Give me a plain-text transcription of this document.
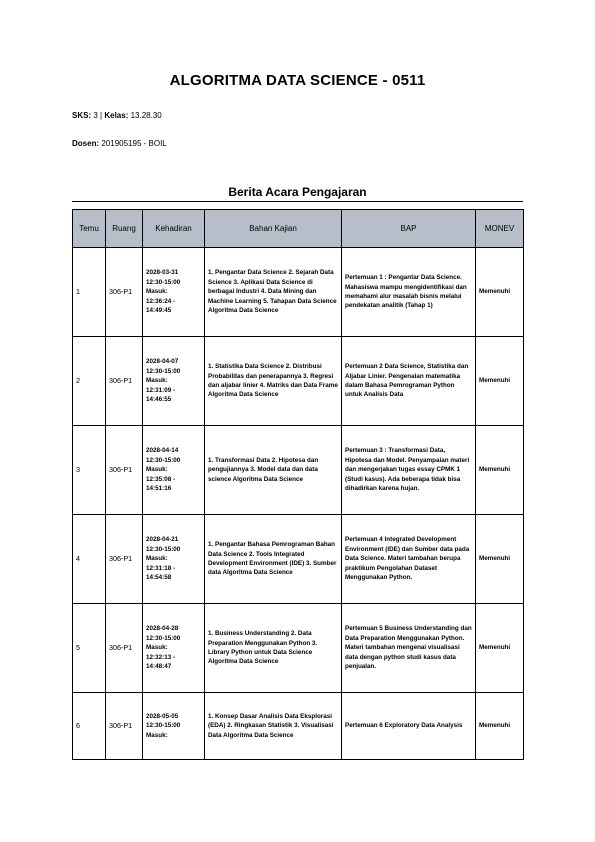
ALGORITMA DATA SCIENCE - 0511
SKS: 3 | Kelas: 13.28.30
Dosen: 201905195 - BOIL
Berita Acara Pengajaran
Temu	Ruang	Kehadiran	Bahan Kajian	BAP	MONEV
1	306-P1	2028-03-31
12:30-15:00
Masuk:
12:36:24 -
14:49:45	1. Pengantar Data Science 2. Sejarah Data Science 3. Aplikasi Data Science di berbagai Industri 4. Data Mining dan Machine Learning 5. Tahapan Data Science Algoritma Data Science	Pertemuan 1 : Pengantar Data Science. Mahasiswa mampu mengidentifikasi dan memahami alur masalah bisnis melalui pendekatan analitik (Tahap 1)	Memenuhi
2	306-P1	2028-04-07
12:30-15:00
Masuk:
12:31:09 -
14:46:55	1. Statistika Data Science 2. Distribusi Probabilitas dan penerapannya 3. Regresi dan aljabar linier 4. Matriks dan Data Frame Algoritma Data Science	Pertemuan 2 Data Science, Statistika dan Aljabar Linier. Pengenalan matematika dalam Bahasa Pemrograman Python untuk Analisis Data	Memenuhi
3	306-P1	2028-04-14
12:30-15:00
Masuk:
12:35:08 -
14:51:16	1. Transformasi Data 2. Hipotesa dan pengujiannya 3. Model data dan data science Algoritma Data Science	Pertemuan 3 : Transformasi Data, Hipotesa dan Model. Penyampaian materi dan mengerjakan tugas essay CPMK 1 (Studi kasus). Ada beberapa tidak bisa dihadirkan karena hujan.	Memenuhi
4	306-P1	2028-04-21
12:30-15:00
Masuk:
12:31:18 -
14:54:58	1. Pengantar Bahasa Pemrograman Bahan Data Science 2. Tools Integrated Development Environment (IDE) 3. Sumber data Algoritma Data Science	Pertemuan 4 Integrated Development Environment (IDE) dan Sumber data pada Data Science. Materi tambahan berupa praktikum Pengolahan Dataset Menggunakan Python.	Memenuhi
5	306-P1	2028-04-28
12:30-15:00
Masuk:
12:32:13 -
14:48:47	1. Business Understanding 2. Data Preparation Menggunakan Python 3. Library Python untuk Data Science Algoritma Data Science	Pertemuan 5 Business Understanding dan Data Preparation Menggunakan Python. Materi tambahan mengenai visualisasi data dengan python studi kasus data penjualan.	Memenuhi
6	306-P1	2028-05-05
12:30-15:00
Masuk:	1. Konsep Dasar Analisis Data Eksplorasi (EDA) 2. Ringkasan Statistik 3. Visualisasi Data Algoritma Data Science	Pertemuan 6 Exploratory Data Analysis	Memenuhi
